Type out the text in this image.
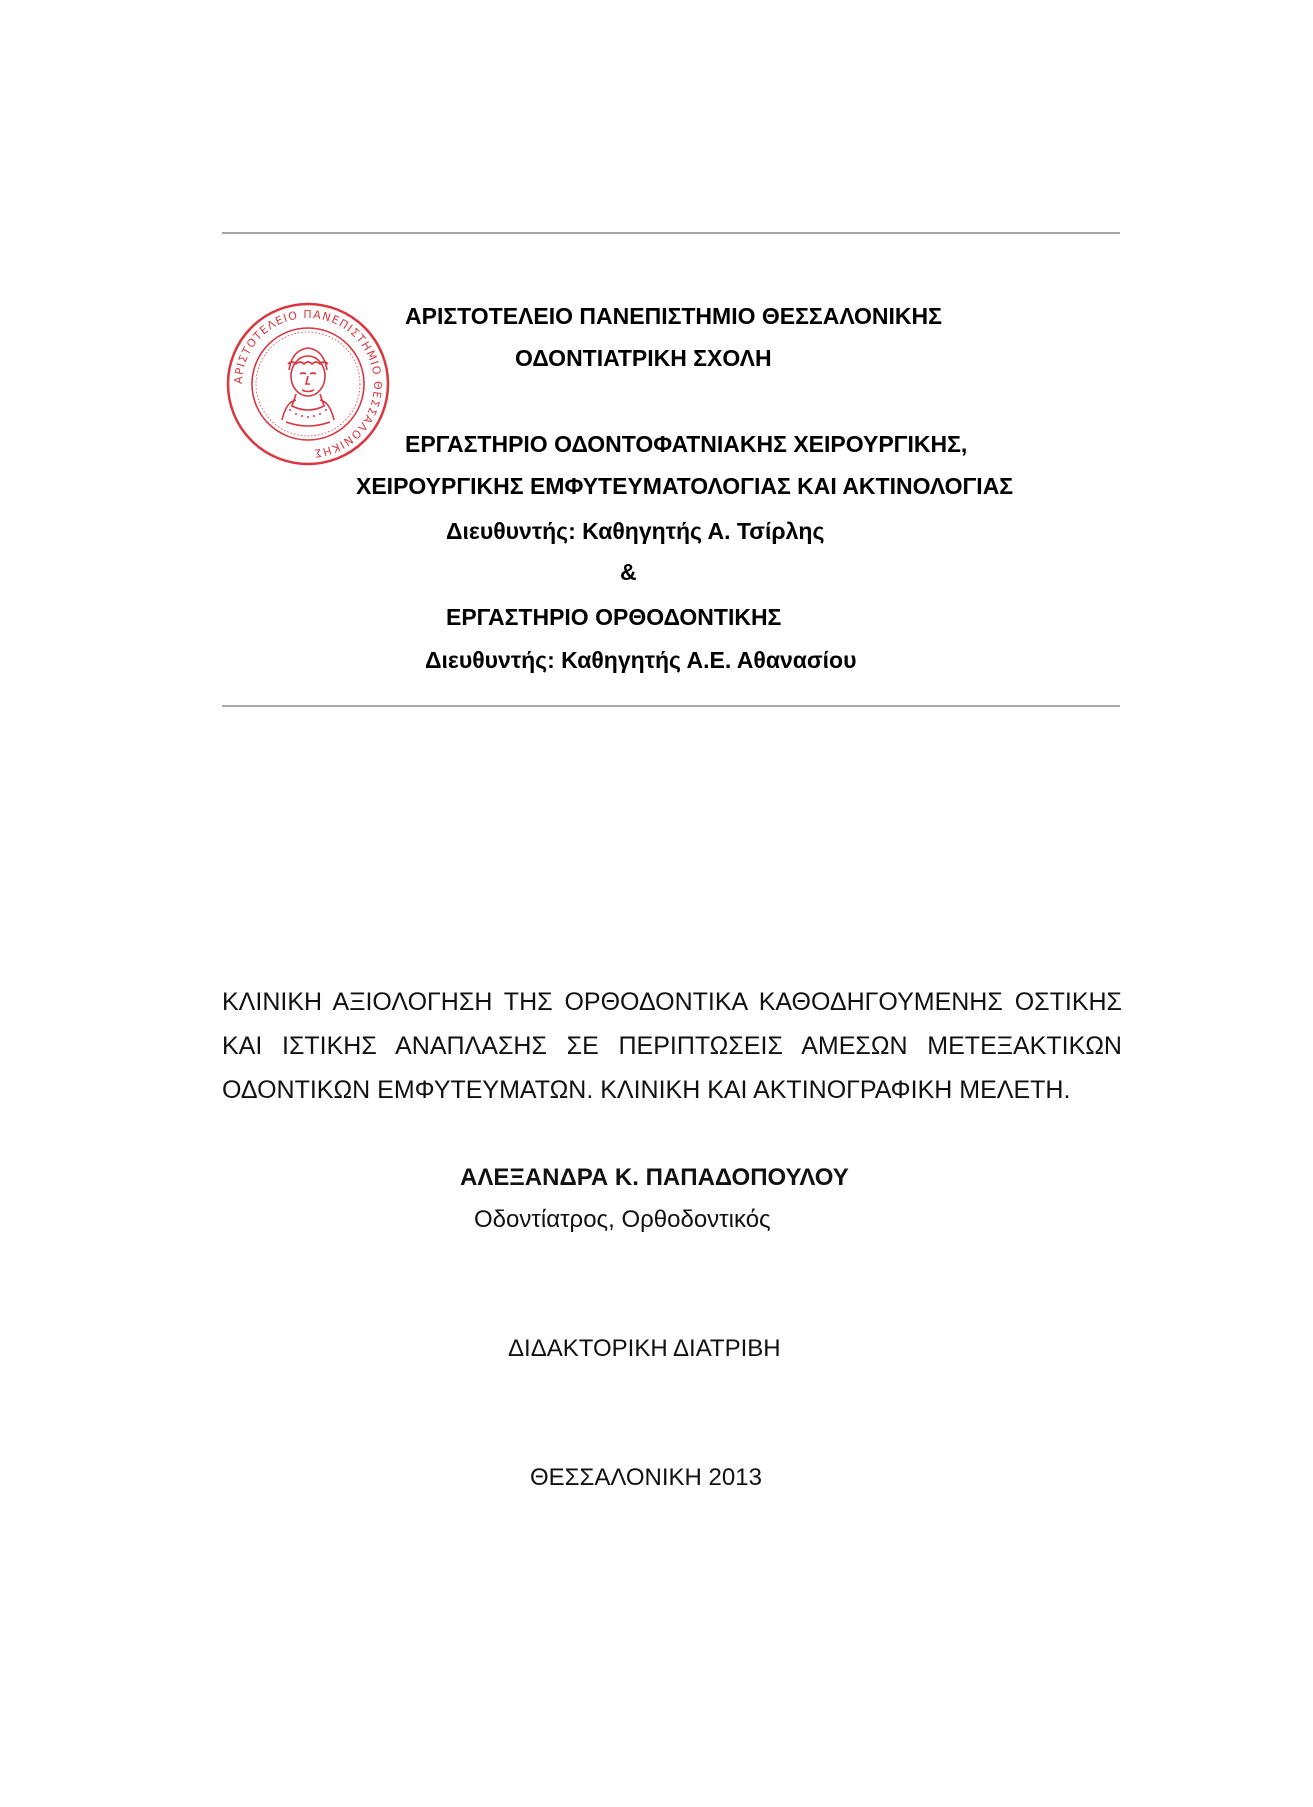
ΑΡΙΣΤΟΤΕΛΕΙΟ ΠΑΝΕΠΙΣΤΗΜΙΟ ΘΕΣΣΑΛΟΝΙΚΗΣ
ΑΡΙΣΤΟΤΕΛΕΙΟ ΠΑΝΕΠΙΣΤΗΜΙΟ ΘΕΣΣΑΛΟΝΙΚΗΣ
ΟΔΟΝΤΙΑΤΡΙΚΗ ΣΧΟΛΗ
ΕΡΓΑΣΤΗΡΙΟ ΟΔΟΝΤΟΦΑΤΝΙΑΚΗΣ ΧΕΙΡΟΥΡΓΙΚΗΣ,
ΧΕΙΡΟΥΡΓΙΚΗΣ ΕΜΦΥΤΕΥΜΑΤΟΛΟΓΙΑΣ ΚΑΙ ΑΚΤΙΝΟΛΟΓΙΑΣ
Διευθυντής: Καθηγητής Α. Τσίρλης
&
ΕΡΓΑΣΤΗΡΙΟ ΟΡΘΟΔΟΝΤΙΚΗΣ
Διευθυντής: Καθηγητής Α.Ε. Αθανασίου
ΚΛΙΝΙΚΗ ΑΞΙΟΛΟΓΗΣΗ ΤΗΣ ΟΡΘΟΔΟΝΤΙΚΑ ΚΑΘΟΔΗΓΟΥΜΕΝΗΣ ΟΣΤΙΚΗΣ
ΚΑΙ ΙΣΤΙΚΗΣ ΑΝΑΠΛΑΣΗΣ ΣΕ ΠΕΡΙΠΤΩΣΕΙΣ ΑΜΕΣΩΝ ΜΕΤΕΞΑΚΤΙΚΩΝ
ΟΔΟΝΤΙΚΩΝ ΕΜΦΥΤΕΥΜΑΤΩΝ. ΚΛΙΝΙΚΗ ΚΑΙ ΑΚΤΙΝΟΓΡΑΦΙΚΗ ΜΕΛΕΤΗ.
ΑΛΕΞΑΝΔΡΑ Κ. ΠΑΠΑΔΟΠΟΥΛΟΥ
Οδοντίατρος, Ορθοδοντικός
ΔΙΔΑΚΤΟΡΙΚΗ ΔΙΑΤΡΙΒΗ
ΘΕΣΣΑΛΟΝΙΚΗ 2013
